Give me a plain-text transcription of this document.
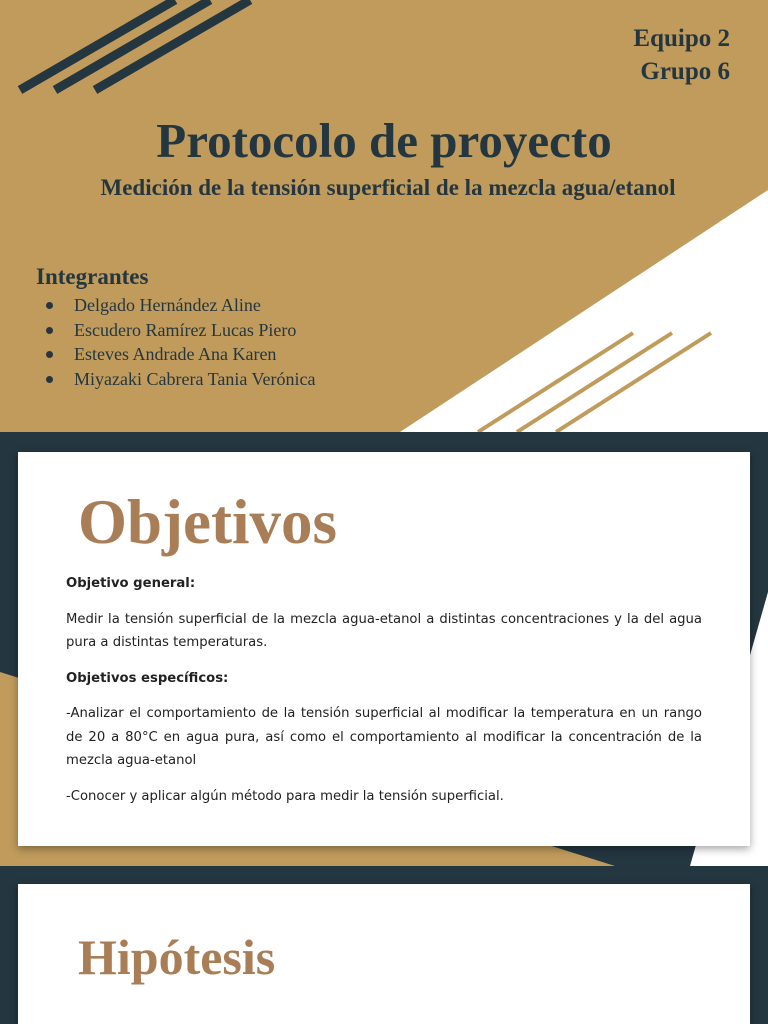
Equipo 2
Grupo 6
Protocolo de proyecto
Medición de la tensión superficial de la mezcla agua/etanol
Integrantes
Delgado Hernández Aline
Escudero Ramírez Lucas Piero
Esteves Andrade Ana Karen
Miyazaki Cabrera Tania Verónica
Objetivos

Objetivo general:

Medir la tensión superficial de la mezcla agua-etanol a distintas concentraciones y la del agua pura a distintas temperaturas.

Objetivos específicos:

-Analizar el comportamiento de la tensión superficial al modificar la temperatura en un rango de 20 a 80°C en agua pura, así como el comportamiento al modificar la concentración de la mezcla agua-etanol

-Conocer y aplicar algún método para medir la tensión superficial.

Hipótesis
